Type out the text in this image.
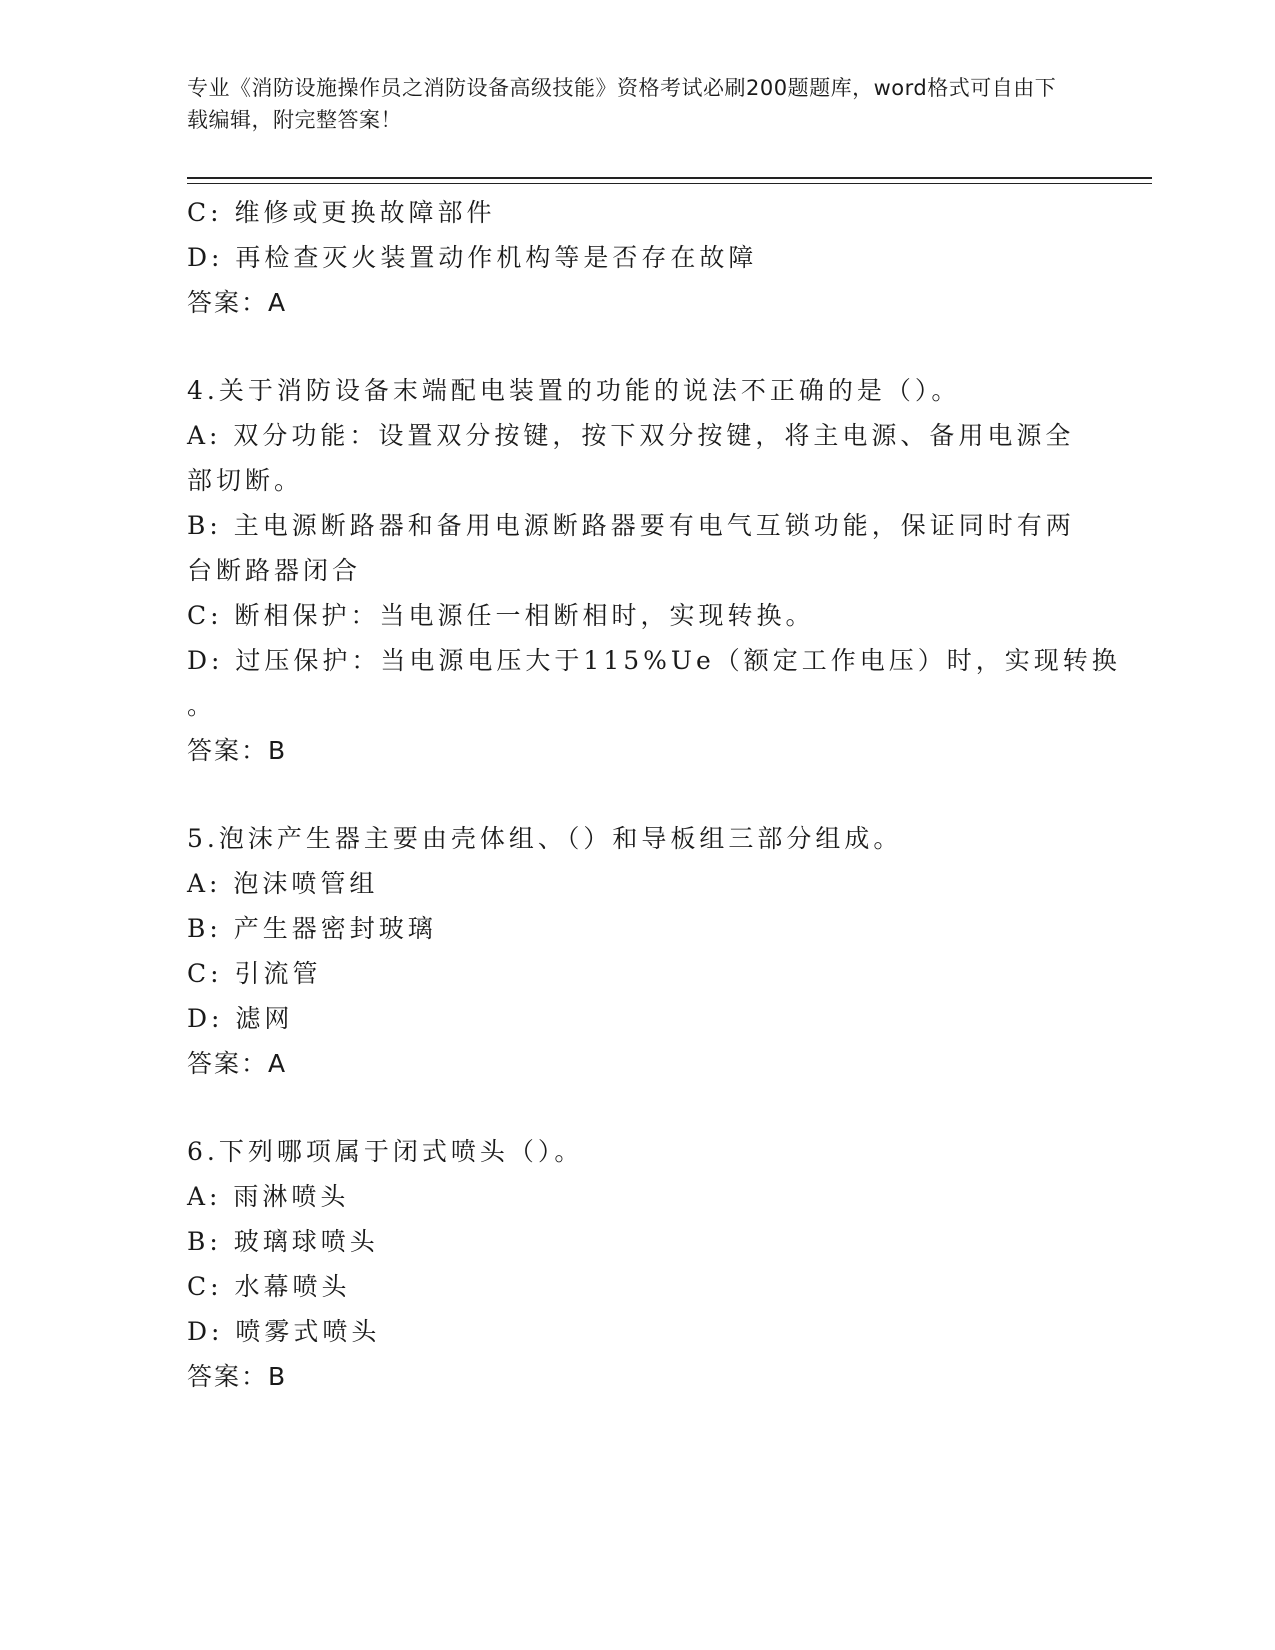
专业《消防设施操作员之消防设备高级技能》资格考试必刷200题题库，word格式可自由下载编辑，附完整答案！
C: 维修或更换故障部件
D: 再检查灭火装置动作机构等是否存在故障
答案：A
4.关于消防设备末端配电装置的功能的说法不正确的是（）。
A: 双分功能：设置双分按键，按下双分按键，将主电源、备用电源全
部切断。
B: 主电源断路器和备用电源断路器要有电气互锁功能，保证同时有两
台断路器闭合
C: 断相保护：当电源任一相断相时，实现转换。
D: 过压保护：当电源电压大于115%Ue（额定工作电压）时，实现转换
。
答案：B
5.泡沫产生器主要由壳体组、（）和导板组三部分组成。
A: 泡沫喷管组
B: 产生器密封玻璃
C: 引流管
D: 滤网
答案：A
6.下列哪项属于闭式喷头（）。
A: 雨淋喷头
B: 玻璃球喷头
C: 水幕喷头
D: 喷雾式喷头
答案：B
